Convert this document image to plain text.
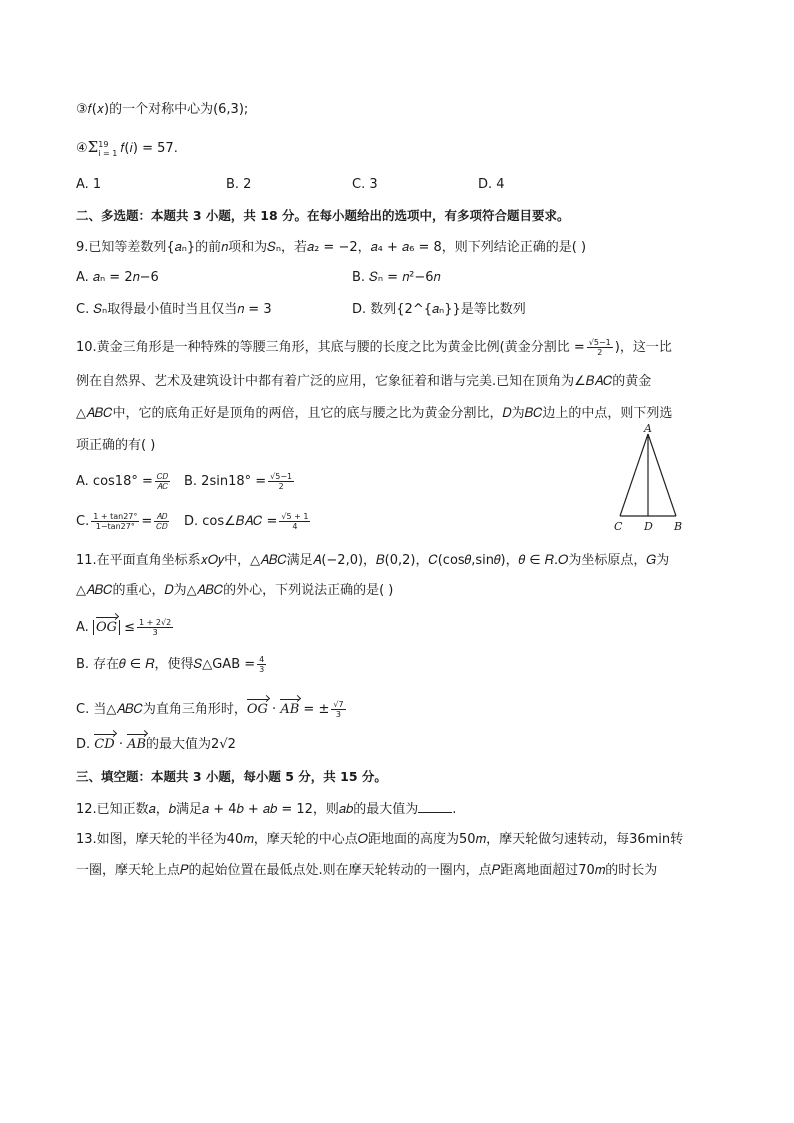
③𝑓(𝑥)的一个对称中心为(6,3);
④Σ 19
i = 1 𝑓(𝑖) = 57.
A. 1	B. 2	C. 3	D. 4
二、多选题：本题共 3 小题，共 18 分。在每小题给出的选项中，有多项符合题目要求。
9.已知等差数列{𝑎ₙ}的前𝑛项和为𝑆ₙ，若𝑎₂ = −2，𝑎₄ + 𝑎₆ = 8，则下列结论正确的是( )
A. 𝑎ₙ = 2𝑛−6	B. 𝑆ₙ = 𝑛²−6𝑛
C. 𝑆ₙ取得最小值时当且仅当𝑛 = 3	D. 数列{2^{𝑎ₙ}}是等比数列
10.黄金三角形是一种特殊的等腰三角形，其底与腰的长度之比为黄金比例(黄金分割比 = $\frac{√5-1}{2}$ )，这一比
例在自然界、艺术及建筑设计中都有着广泛的应用，它象征着和谐与完美.已知在顶角为∠𝐵𝐴𝐶的黄金
△𝐴𝐵𝐶中，它的底角正好是顶角的两倍，且它的底与腰之比为黄金分割比，𝐷为𝐵𝐶边上的中点，则下列选
项正确的有( )
A. $\cos 18^\circ = \frac{\text{𝐶𝐷}}{\text{𝐴𝐶}} B$. $2\sin 18^\circ = \frac{√5-1}{2}$
C. $\frac{1 + \tan 27^\circ}{1-\tan 27^\circ} = \frac{\text{𝐴𝐷}}{\text{𝐶𝐷}} D$. cos∠𝐵𝐴𝐶 = $\frac{√5 + 1}{4}$
A
C D B
11.在平面直角坐标系𝑥𝑂𝑦中，△𝐴𝐵𝐶满足𝐴(−2,0)，𝐵(0,2)，𝐶(cos𝜃,sin𝜃)，𝜃 ∈ 𝑅.𝑂为坐标原点，𝐺为
△𝐴𝐵𝐶的重心，𝐷为△𝐴𝐵𝐶的外心，下列说法正确的是( )
A. 𝑂𝐺 ≤ $\frac{1 + 2√2}{3}$
B. 存在𝜃 ∈ 𝑅，使得𝑆△GAB = $\frac{4}{3}$
C. 当△𝐴𝐵𝐶为直角三角形时，𝑂𝐺 · 𝐴𝐵 = ± $\frac{√7}{3}$
D. 𝐶𝐷 · 𝐴𝐵的最大值为2√2
三、填空题：本题共 3 小题，每小题 5 分，共 15 分。
12.已知正数𝑎，𝑏满足𝑎 + 4𝑏 + 𝑎𝑏 = 12，则𝑎𝑏的最大值为	.
13.如图，摩天轮的半径为40𝑚，摩天轮的中心点𝑂距地面的高度为50𝑚，摩天轮做匀速转动，每36min转
一圈，摩天轮上点𝑃的起始位置在最低点处.则在摩天轮转动的一圈内，点𝑃距离地面超过70𝑚的时长为
